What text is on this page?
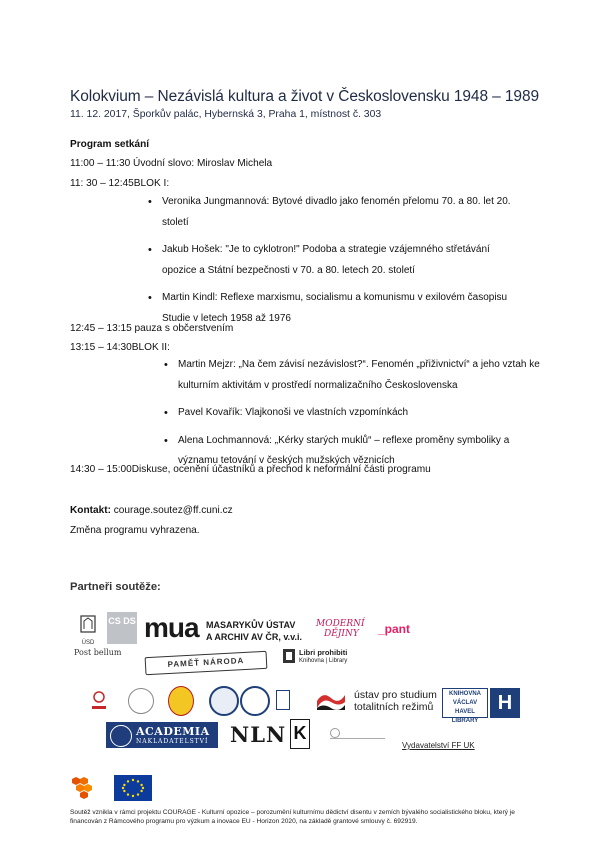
Kolokvium – Nezávislá kultura a život v Československu 1948 – 1989
11. 12. 2017, Šporkův palác, Hybernská 3, Praha 1, místnost č. 303
Program setkání
11:00 – 11:30 Úvodní slovo: Miroslav Michela
11: 30 – 12:45BLOK I:
• Veronika Jungmannová: Bytové divadlo jako fenomén přelomu 70. a 80. let 20. století
• Jakub Hošek: "Je to cyklotron!" Podoba a strategie vzájemného střetávání opozice a Státní bezpečnosti v 70. a 80. letech 20. století
• Martin Kindl: Reflexe marxismu, socialismu a komunismu v exilovém časopisu Studie v letech 1958 až 1976
12:45 – 13:15 pauza s občerstvením
13:15 – 14:30BLOK II:
• Martin Mejzr: „Na čem závisí nezávislost?“. Fenomén „přiživnictví“ a jeho vztah ke kulturním aktivitám v prostředí normalizačního Československa
• Pavel Kovařík: Vlajkonoši ve vlastních vzpomínkách
• Alena Lochmannová: „Kérky starých muklů“ – reflexe proměny symboliky a významu tetování v českých mužských věznicích
14:30 – 15:00Diskuse, ocenění účastníků a přechod k neformální části programu
Kontakt: courage.soutez@ff.cuni.cz
Změna programu vyhrazena.
Partneři soutěže:
ÚSD
CS DS mua MASARYKŮV ÚSTAV
A ARCHIV AV ČR, v.v.i.
MODERNÍ
DĚJINY	_pant
Post bellum
PAMĚŤ NÁRODA
Libri prohibiti
Knihovna | Library
ústav pro studium
totalitních režimů
KNIHOVNA
VÁCLAV HAVEL
LIBRARY
H
ACADEMIA
NAKLADATELSTVÍ NLN K
Vydavatelství FF UK
Soutěž vznikla v rámci projektu COURAGE - Kulturní opozice – porozumění kulturnímu dědictví disentu v zemích bývalého socialistického bloku, který je financován z Rámcového programu pro výzkum a inovace EU - Horizon 2020, na základě grantové smlouvy č. 692919.
